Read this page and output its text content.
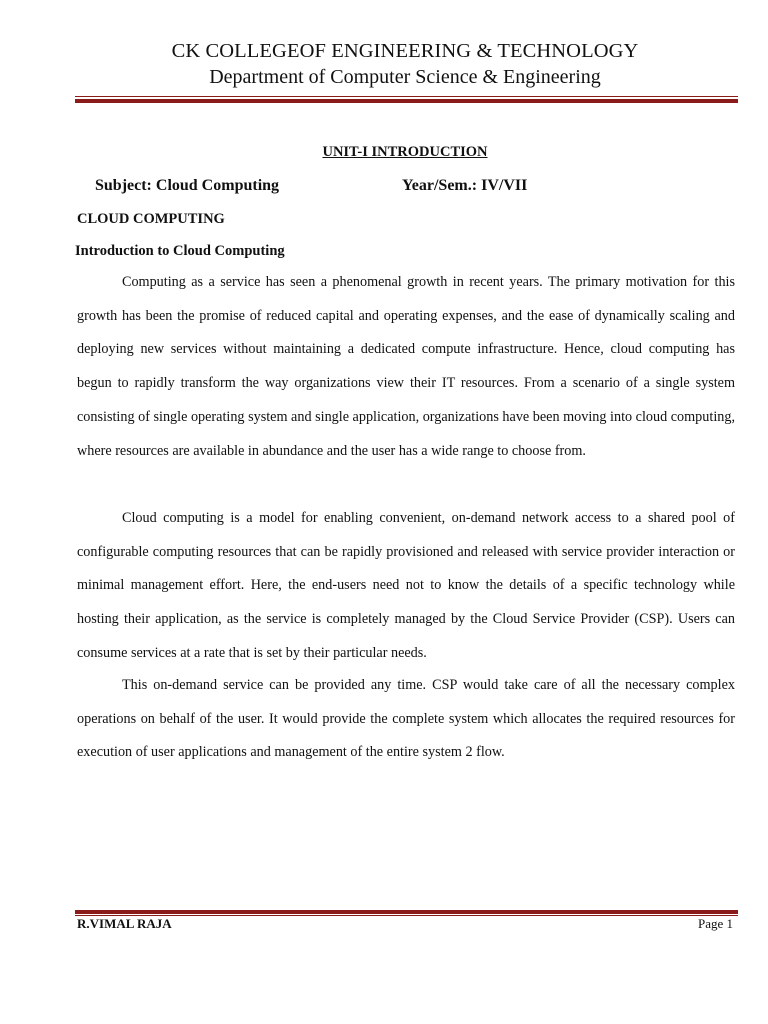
CK COLLEGEOF ENGINEERING & TECHNOLOGY
Department of Computer Science & Engineering
UNIT-I INTRODUCTION
Subject: Cloud Computing	Year/Sem.: IV/VII
CLOUD COMPUTING
Introduction to Cloud Computing

Computing as a service has seen a phenomenal growth in recent years. The primary motivation for this growth has been the promise of reduced capital and operating expenses, and the ease of dynamically scaling and deploying new services without maintaining a dedicated compute infrastructure. Hence, cloud computing has begun to rapidly transform the way organizations view their IT resources. From a scenario of a single system consisting of single operating system and single application, organizations have been moving into cloud computing, where resources are available in abundance and the user has a wide range to choose from.

Cloud computing is a model for enabling convenient, on-demand network access to a shared pool of configurable computing resources that can be rapidly provisioned and released with service provider interaction or minimal management effort. Here, the end-users need not to know the details of a specific technology while hosting their application, as the service is completely managed by the Cloud Service Provider (CSP). Users can consume services at a rate that is set by their particular needs.

This on-demand service can be provided any time. CSP would take care of all the necessary complex operations on behalf of the user. It would provide the complete system which allocates the required resources for execution of user applications and management of the entire system 2 flow.

R.VIMAL RAJA	Page 1
